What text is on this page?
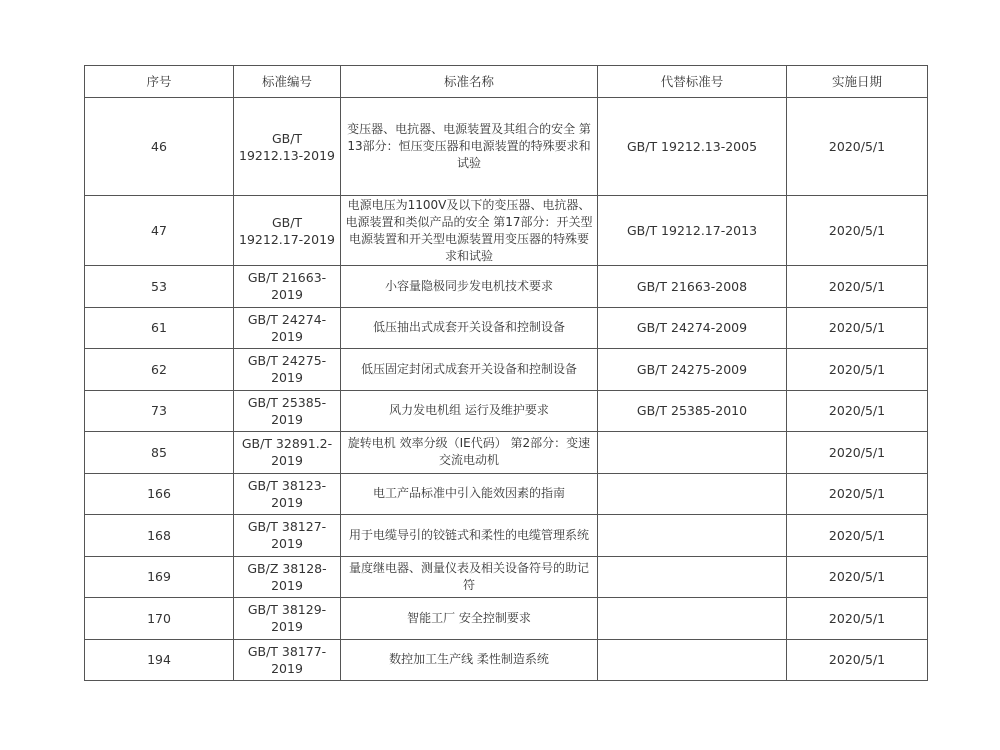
序号	标准编号	标准名称	代替标准号	实施日期
46	GB/T 19212.13-2019	变压器、电抗器、电源装置及其组合的安全 第13部分：恒压变压器和电源装置的特殊要求和试验	GB/T 19212.13-2005	2020/5/1
47	GB/T 19212.17-2019	电源电压为1100V及以下的变压器、电抗器、电源装置和类似产品的安全 第17部分：开关型电源装置和开关型电源装置用变压器的特殊要求和试验	GB/T 19212.17-2013	2020/5/1
53	GB/T 21663-2019	小容量隐极同步发电机技术要求	GB/T 21663-2008	2020/5/1
61	GB/T 24274-2019	低压抽出式成套开关设备和控制设备	GB/T 24274-2009	2020/5/1
62	GB/T 24275-2019	低压固定封闭式成套开关设备和控制设备	GB/T 24275-2009	2020/5/1
73	GB/T 25385-2019	风力发电机组 运行及维护要求	GB/T 25385-2010	2020/5/1
85	GB/T 32891.2-2019	旋转电机 效率分级（IE代码） 第2部分：变速交流电动机		2020/5/1
166	GB/T 38123-2019	电工产品标准中引入能效因素的指南		2020/5/1
168	GB/T 38127-2019	用于电缆导引的铰链式和柔性的电缆管理系统		2020/5/1
169	GB/Z 38128-2019	量度继电器、测量仪表及相关设备符号的助记符		2020/5/1
170	GB/T 38129-2019	智能工厂 安全控制要求		2020/5/1
194	GB/T 38177-2019	数控加工生产线 柔性制造系统		2020/5/1
